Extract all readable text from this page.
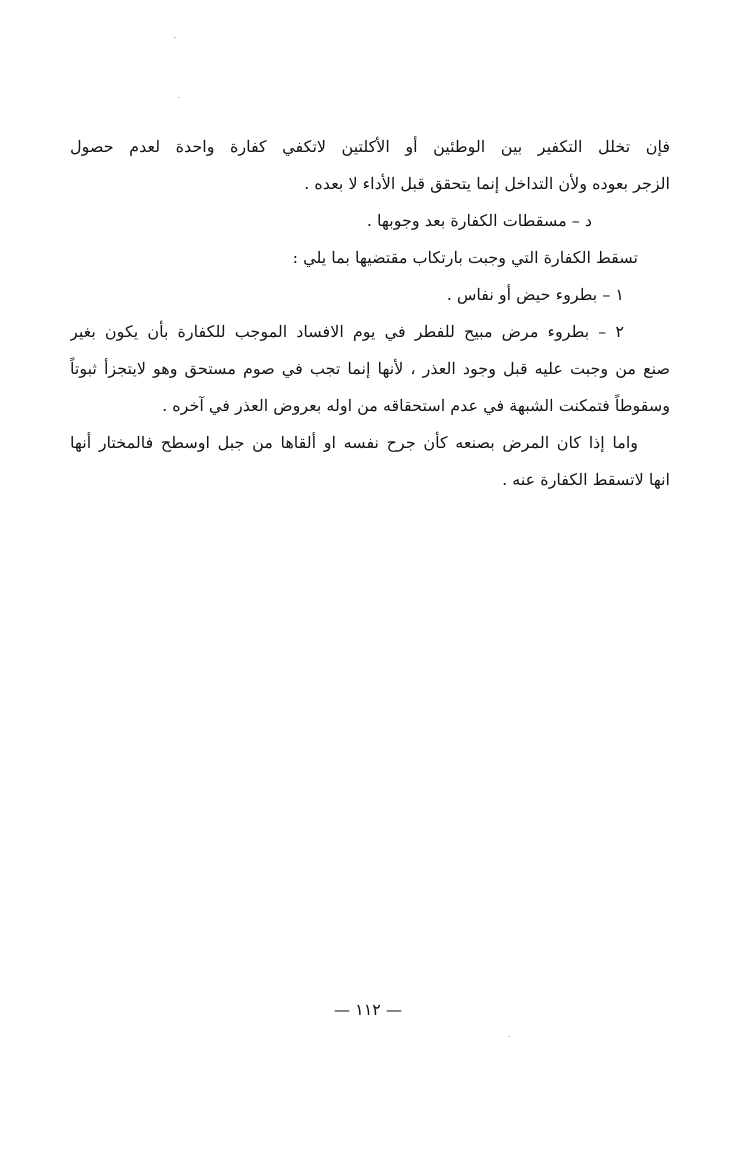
فإن تخلل التكفير بين الوطئين أو الأكلتين لاتكفي كفارة واحدة لعدم حصول
الزجر بعوده ولأن التداخل إنما يتحقق قبل الأداء لا بعده .
د – مسقطات الكفارة بعد وجوبها .
تسقط الكفارة التي وجبت بارتكاب مقتضيها بما يلي :
١ – بطروء حيض أو نفاس .
٢ – بطروء مرض مبيح للفطر في يوم الافساد الموجب للكفارة بأن يكون بغير
صنع من وجبت عليه قبل وجود العذر ، لأنها إنما تجب في صوم مستحق وهو لايتجزأ ثبوتاً
وسقوطاً فتمكنت الشبهة في عدم استحقاقه من اوله بعروض العذر في آخره .
واما إذا كان المرض بصنعه كأن جرح نفسه او ألقاها من جبل اوسطح فالمختار أنها
انها لاتسقط الكفارة عنه .
— ١١٢ —
